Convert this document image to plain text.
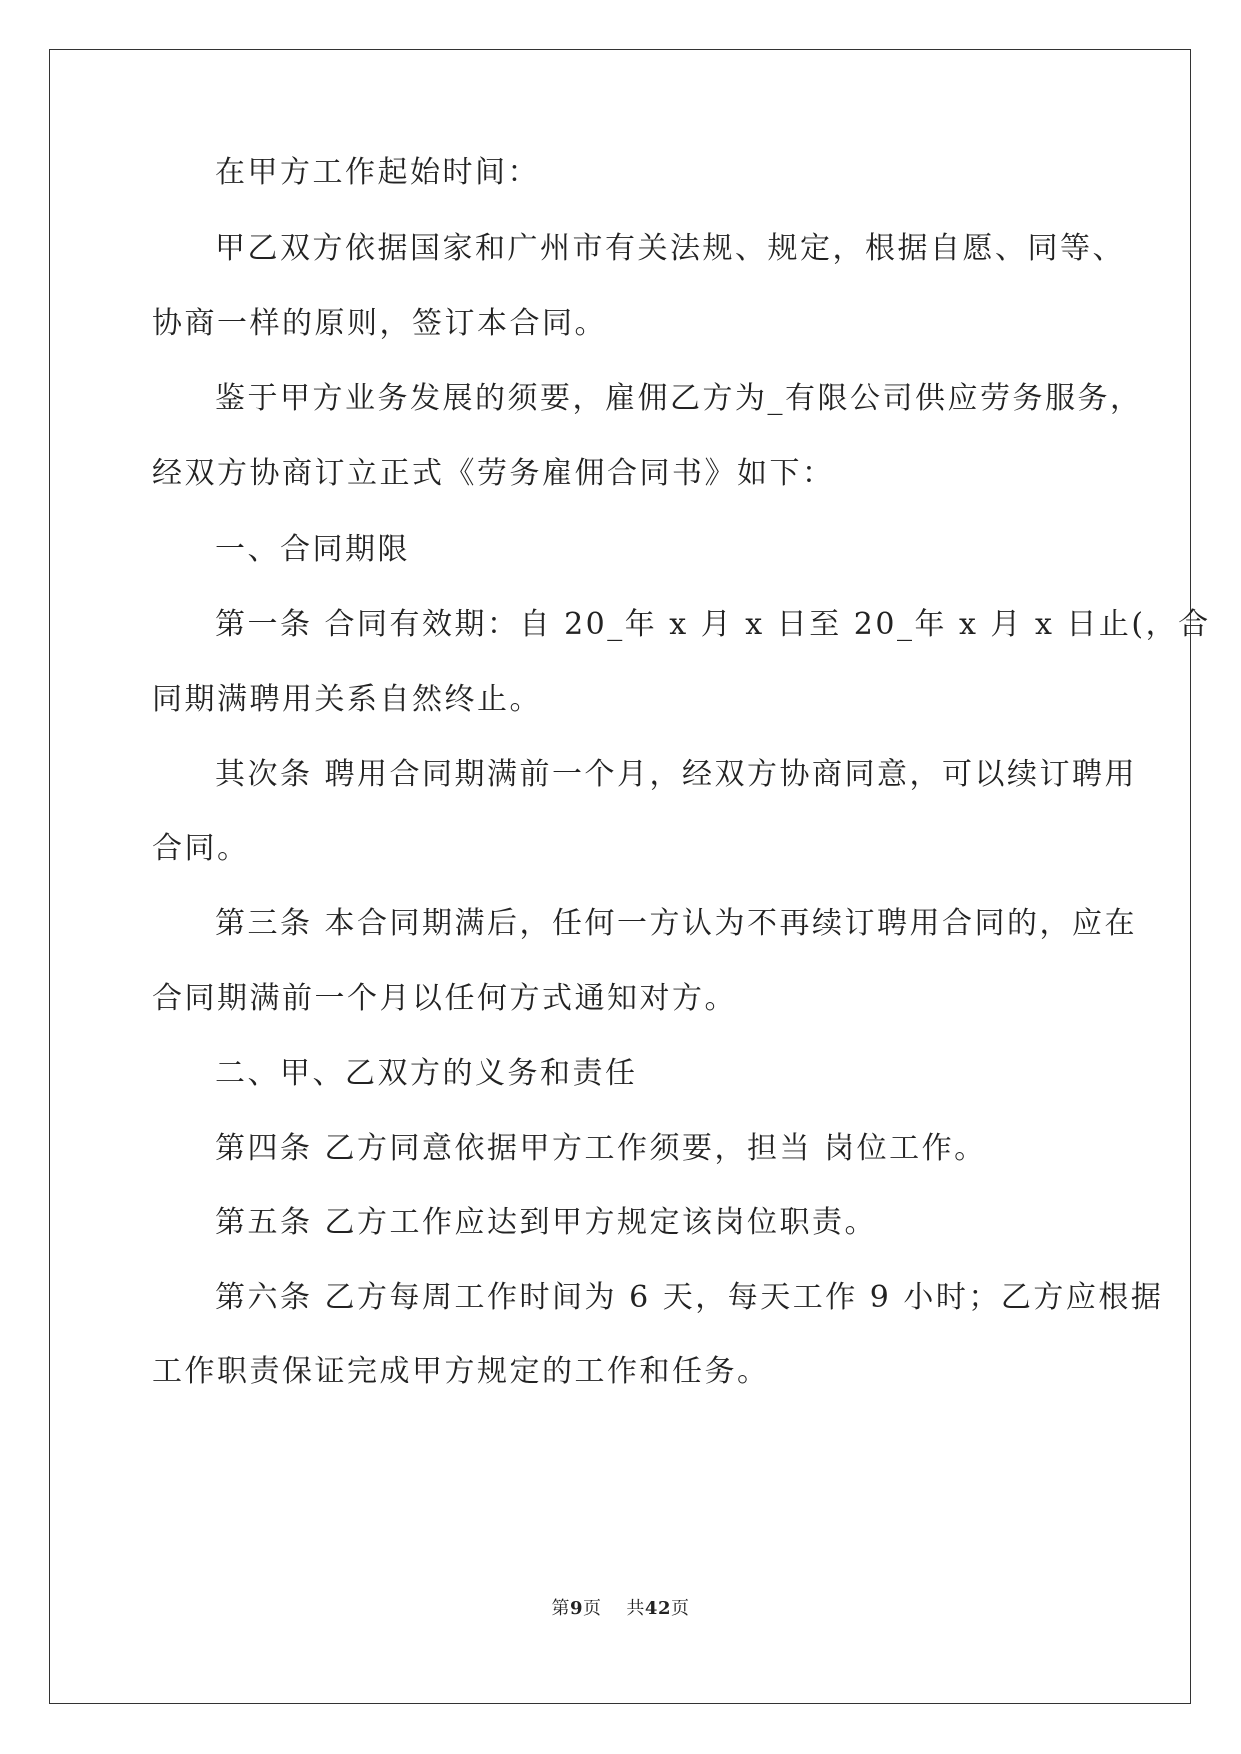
在甲方工作起始时间：
甲乙双方依据国家和广州市有关法规、规定，根据自愿、同等、
协商一样的原则，签订本合同。
鉴于甲方业务发展的须要，雇佣乙方为_有限公司供应劳务服务，
经双方协商订立正式《劳务雇佣合同书》如下：
一、合同期限
第一条 合同有效期：自 20_年 x 月 x 日至 20_年 x 月 x 日止(，合
同期满聘用关系自然终止。
其次条 聘用合同期满前一个月，经双方协商同意，可以续订聘用
合同。
第三条 本合同期满后，任何一方认为不再续订聘用合同的，应在
合同期满前一个月以任何方式通知对方。
二、甲、乙双方的义务和责任
第四条 乙方同意依据甲方工作须要，担当 岗位工作。
第五条 乙方工作应达到甲方规定该岗位职责。
第六条 乙方每周工作时间为 6 天，每天工作 9 小时；乙方应根据
工作职责保证完成甲方规定的工作和任务。
第9页    共42页
